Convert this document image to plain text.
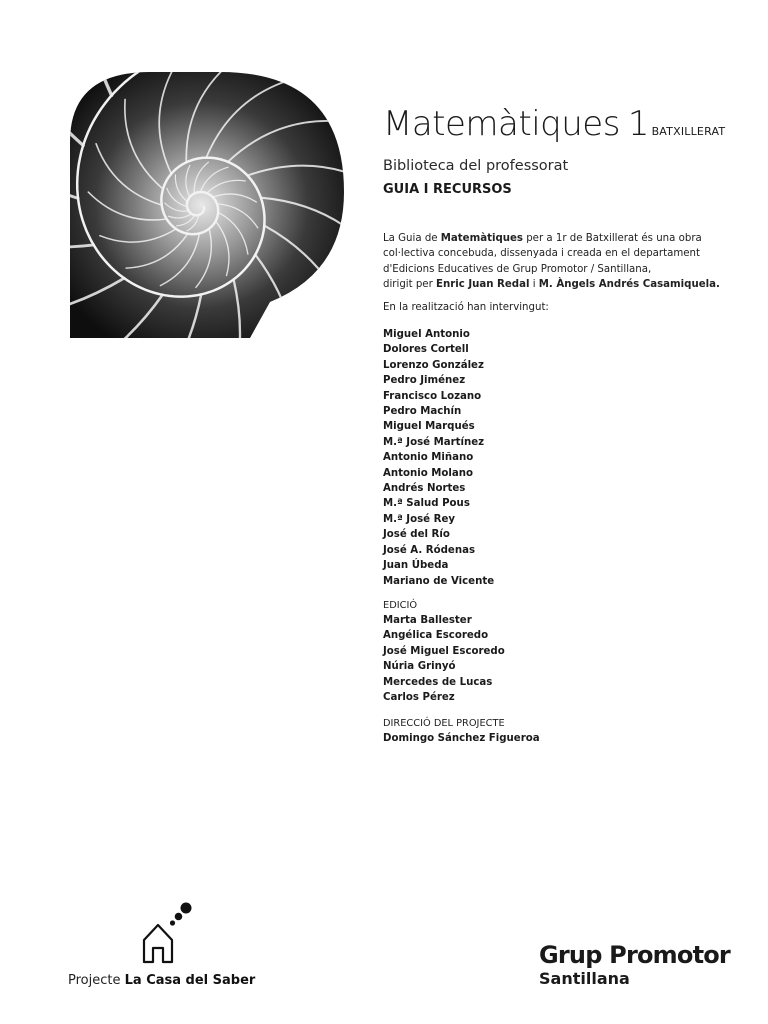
Matemàtiques 1 BATXILLERAT
Biblioteca del professorat
GUIA I RECURSOS
La Guia de Matemàtiques per a 1r de Batxillerat és una obra
col·lectiva concebuda, dissenyada i creada en el departament
d'Edicions Educatives de Grup Promotor / Santillana,
dirigit per Enric Juan Redal i M. Àngels Andrés Casamiquela.
En la realització han intervingut:
Miguel Antonio
Dolores Cortell
Lorenzo González
Pedro Jiménez
Francisco Lozano
Pedro Machín
Miguel Marqués
M.ª José Martínez
Antonio Miñano
Antonio Molano
Andrés Nortes
M.ª Salud Pous
M.ª José Rey
José del Río
José A. Ródenas
Juan Úbeda
Mariano de Vicente
EDICIÓ
Marta Ballester
Angélica Escoredo
José Miguel Escoredo
Núria Grinyó
Mercedes de Lucas
Carlos Pérez
DIRECCIÓ DEL PROJECTE
Domingo Sánchez Figueroa
Projecte La Casa del Saber
Grup Promotor
Santillana
